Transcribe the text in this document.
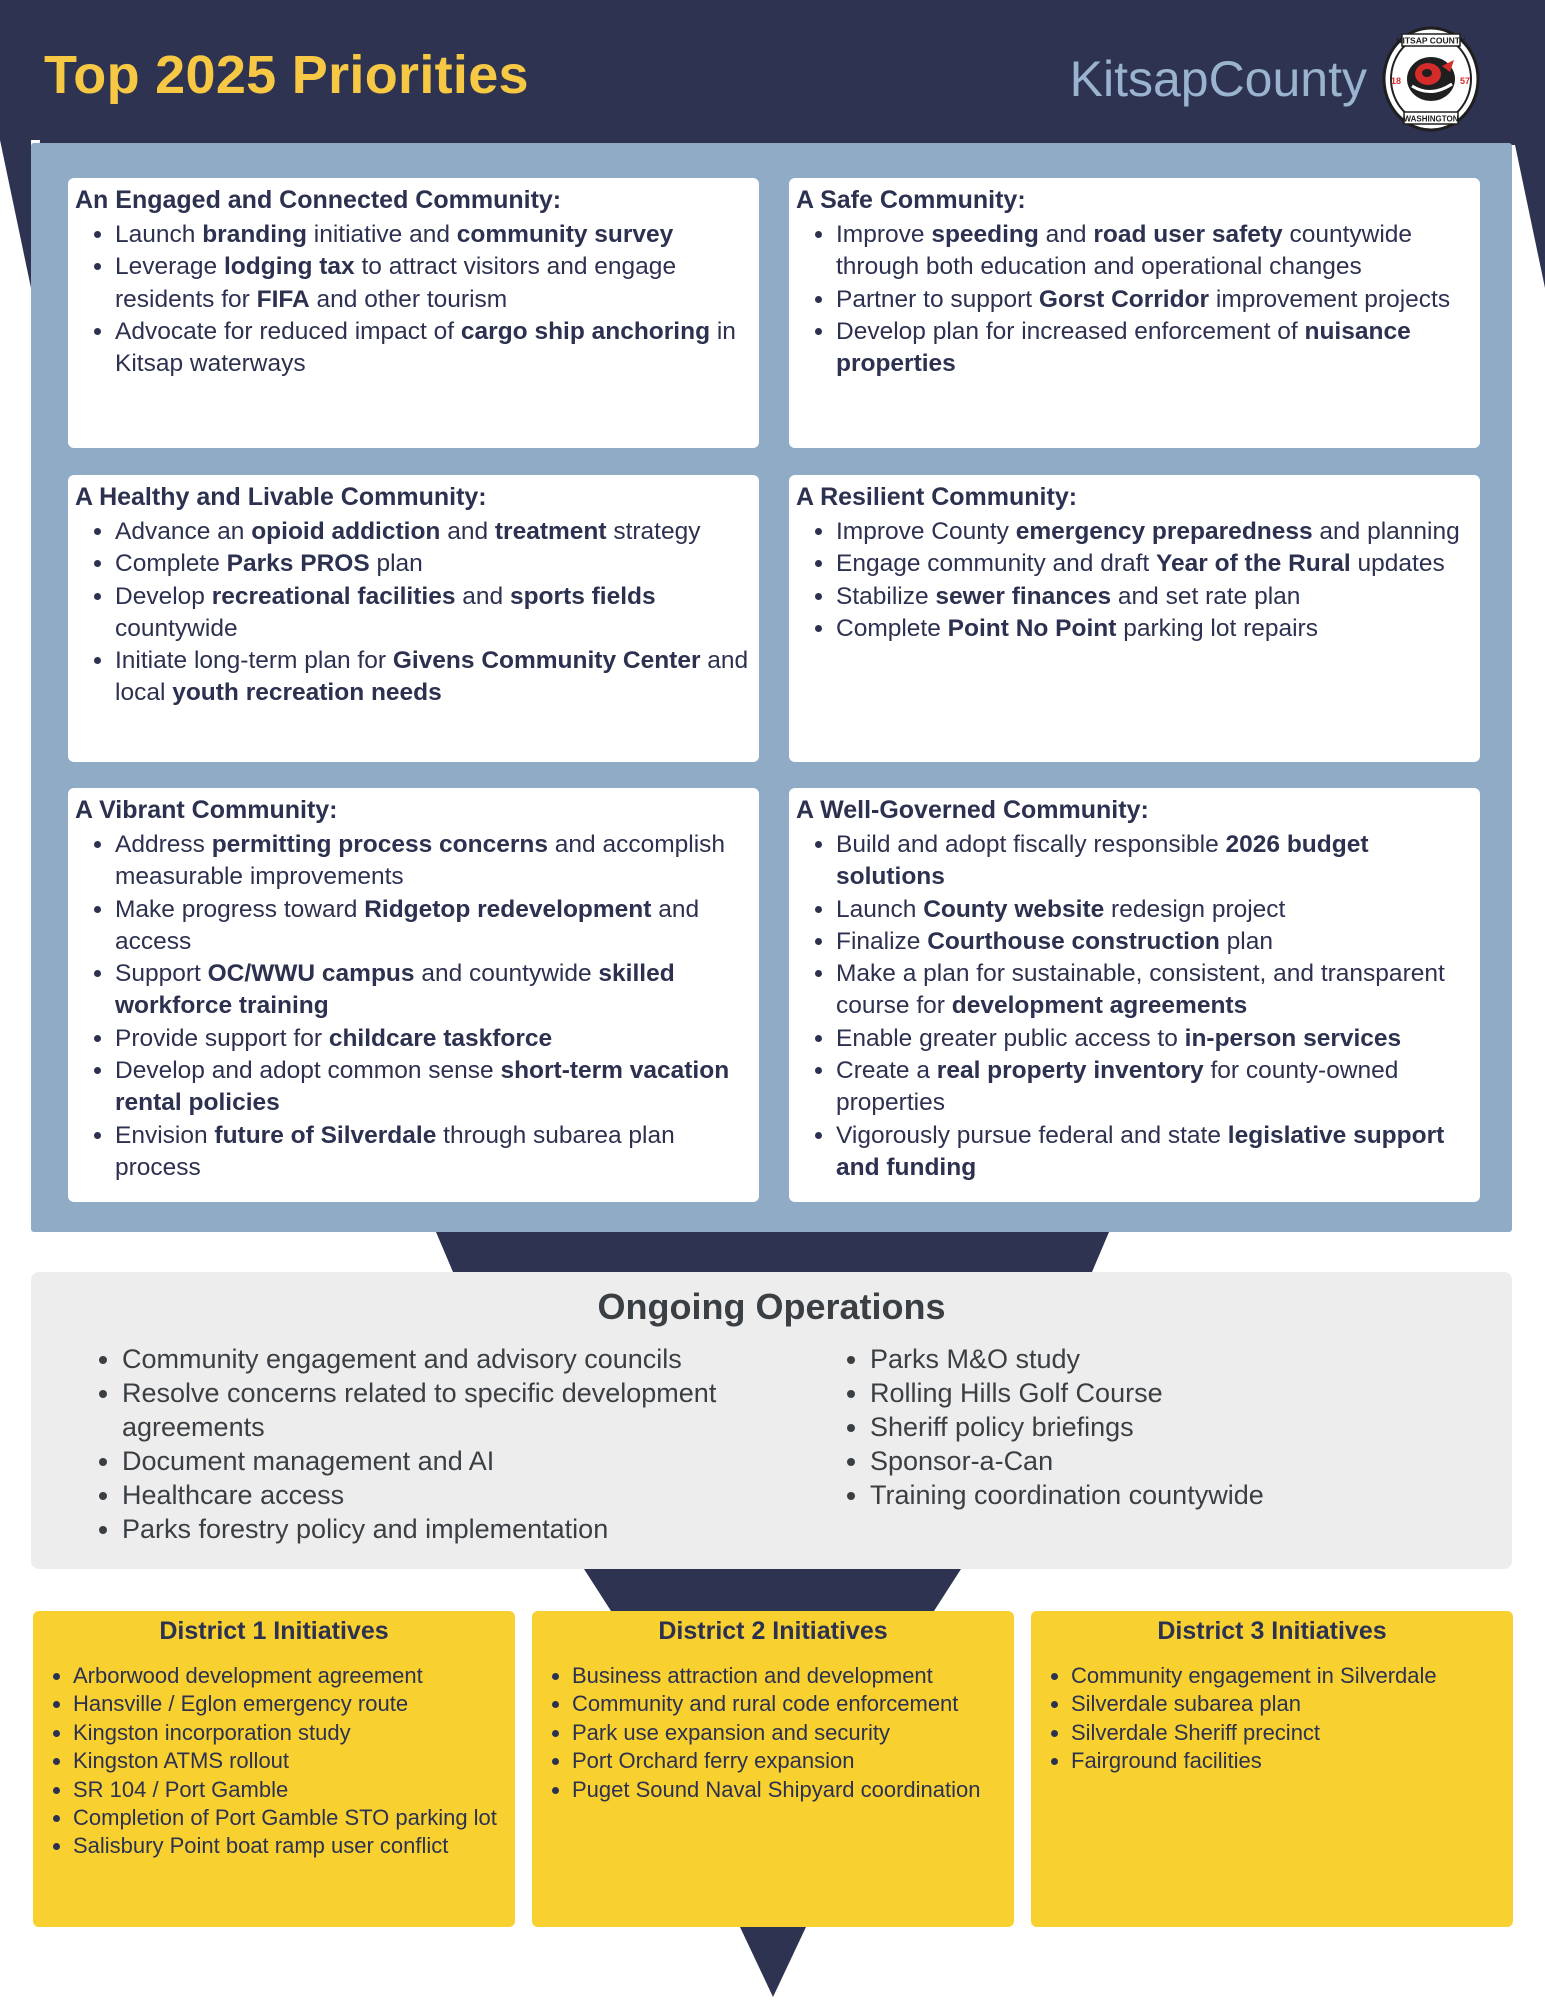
Top 2025 Priorities	KitsapCounty
KITSAP COUNTY
WASHINGTON
18	57
An Engaged and Connected Community:
• Launch branding initiative and community survey
• Leverage lodging tax to attract visitors and engage residents for FIFA and other tourism
• Advocate for reduced impact of cargo ship anchoring in Kitsap waterways
A Safe Community:
• Improve speeding and road user safety countywide through both education and operational changes
• Partner to support Gorst Corridor improvement projects
• Develop plan for increased enforcement of nuisance properties
A Healthy and Livable Community:
• Advance an opioid addiction and treatment strategy
• Complete Parks PROS plan
• Develop recreational facilities and sports fields countywide
• Initiate long-term plan for Givens Community Center and local youth recreation needs
A Resilient Community:
• Improve County emergency preparedness and planning
• Engage community and draft Year of the Rural updates
• Stabilize sewer finances and set rate plan
• Complete Point No Point parking lot repairs
A Vibrant Community:
• Address permitting process concerns and accomplish measurable improvements
• Make progress toward Ridgetop redevelopment and access
• Support OC/WWU campus and countywide skilled workforce training
• Provide support for childcare taskforce
• Develop and adopt common sense short-term vacation rental policies
• Envision future of Silverdale through subarea plan process
A Well-Governed Community:
• Build and adopt fiscally responsible 2026 budget solutions
• Launch County website redesign project
• Finalize Courthouse construction plan
• Make a plan for sustainable, consistent, and transparent course for development agreements
• Enable greater public access to in-person services
• Create a real property inventory for county-owned properties
• Vigorously pursue federal and state legislative support and funding
Ongoing Operations
• Community engagement and advisory councils
• Resolve concerns related to specific development agreements
• Document management and AI
• Healthcare access
• Parks forestry policy and implementation
• Parks M&O study
• Rolling Hills Golf Course
• Sheriff policy briefings
• Sponsor-a-Can
• Training coordination countywide
District 1 Initiatives
• Arborwood development agreement
• Hansville / Eglon emergency route
• Kingston incorporation study
• Kingston ATMS rollout
• SR 104 / Port Gamble
• Completion of Port Gamble STO parking lot
• Salisbury Point boat ramp user conflict
District 2 Initiatives
• Business attraction and development
• Community and rural code enforcement
• Park use expansion and security
• Port Orchard ferry expansion
• Puget Sound Naval Shipyard coordination
District 3 Initiatives
• Community engagement in Silverdale
• Silverdale subarea plan
• Silverdale Sheriff precinct
• Fairground facilities
